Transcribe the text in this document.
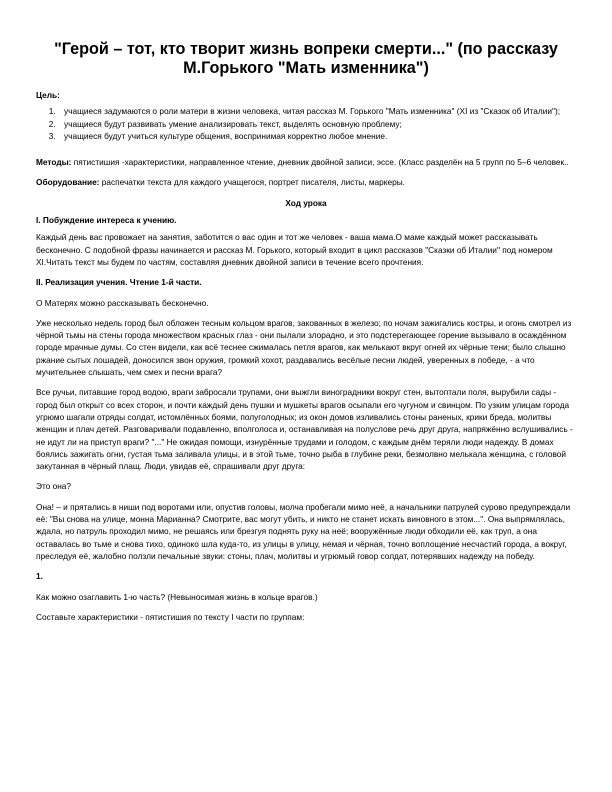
"Герой – тот, кто творит жизнь вопреки смерти..." (по рассказу М.Горького "Мать изменника")
Цель:
1. учащиеся задумаются о роли матери в жизни человека, читая рассказ М. Горького "Мать изменника" (XI из "Сказок об Италии");
2. учащиеся будут развивать умение анализировать текст, выделять основную проблему;
3. учащиеся будут учиться культуре общения, воспринимая корректно любое мнение.
Методы: пятистишия -характеристики, направленное чтение, дневник двойной записи, эссе. (Класс разделён на 5 групп по 5–6 человек..
Оборудование: распечатки текста для каждого учащегося, портрет писателя, листы, маркеры.
Ход урока
I. Побуждение интереса к учению.
Каждый день вас провожает на занятия, заботится о вас один и тот же человек - ваша мама.О маме каждый может рассказывать бесконечно. С подобной фразы начинается и рассказ М. Горького, который входит в цикл рассказов "Сказки об Италии" под номером XI.Читать текст мы будем по частям, составляя дневник двойной записи в течение всего прочтения.
II. Реализация учения. Чтение 1-й части.
О Матерях можно рассказывать бесконечно.
Уже несколько недель город был обложен тесным кольцом врагов, закованных в железо; по ночам зажигались костры, и огонь смотрел из чёрной тьмы на стены города множеством красных глаз - они пылали злорадно, и это подстерегающее горение вызывало в осаждённом городе мрачные думы. Со стен видели, как всё теснее сжималась петля врагов, как мелькают вкруг огней их чёрные тени; было слышно ржание сытых лошадей, доносился звон оружия, громкий хохот, раздавались весёлые песни людей, уверенных в победе, - а что мучительнее слышать, чем смех и песни врага?
Все ручьи, питавшие город водою, враги забросали трупами, они выжгли виноградники вокруг стен, вытоптали поля, вырубили сады - город был открыт со всех сторон, и почти каждый день пушки и мушкеты врагов осыпали его чугуном и свинцом. По узким улицам города угрюмо шагали отряды солдат, истомлённых боями, полуголодных; из окон домов изливались стоны раненых, крики бреда, молитвы женщин и плач детей. Разговаривали подавленно, вполголоса и, останавливая на полуслове речь друг друга, напряжённо вслушивались - не идут ли на приступ враги? "..." Не ожидая помощи, изнурённые трудами и голодом, с каждым днём теряли люди надежду. В домах боялись зажигать огни, густая тьма заливала улицы, и в этой тьме, точно рыба в глубине реки, безмолвно мелькала женщина, с головой закутанная в чёрный плащ. Люди, увидав её, спрашивали друг друга:
Это она?
Она! – и прятались в ниши под воротами или, опустив головы, молча пробегали мимо неё, а начальники патрулей сурово предупреждали её: "Вы снова на улице, монна Марианна? Смотрите, вас могут убить, и никто не станет искать виновного в этом...". Она выпрямлялась, ждала, но патруль проходил мимо, не решаясь или брезгуя поднять руку на неё; вооружённые люди обходили её, как труп, а она оставалась во тьме и снова тихо, одиноко шла куда-то, из улицы в улицу, немая и чёрная, точно воплощение несчастий города, а вокруг, преследуя её, жалобно ползли печальные звуки: стоны, плач, молитвы и угрюмый говор солдат, потерявших надежду на победу.
1.
Как можно озаглавить 1-ю часть? (Невыносимая жизнь в кольце врагов.)
Составьте характеристики - пятистишия по тексту I части по группам:
